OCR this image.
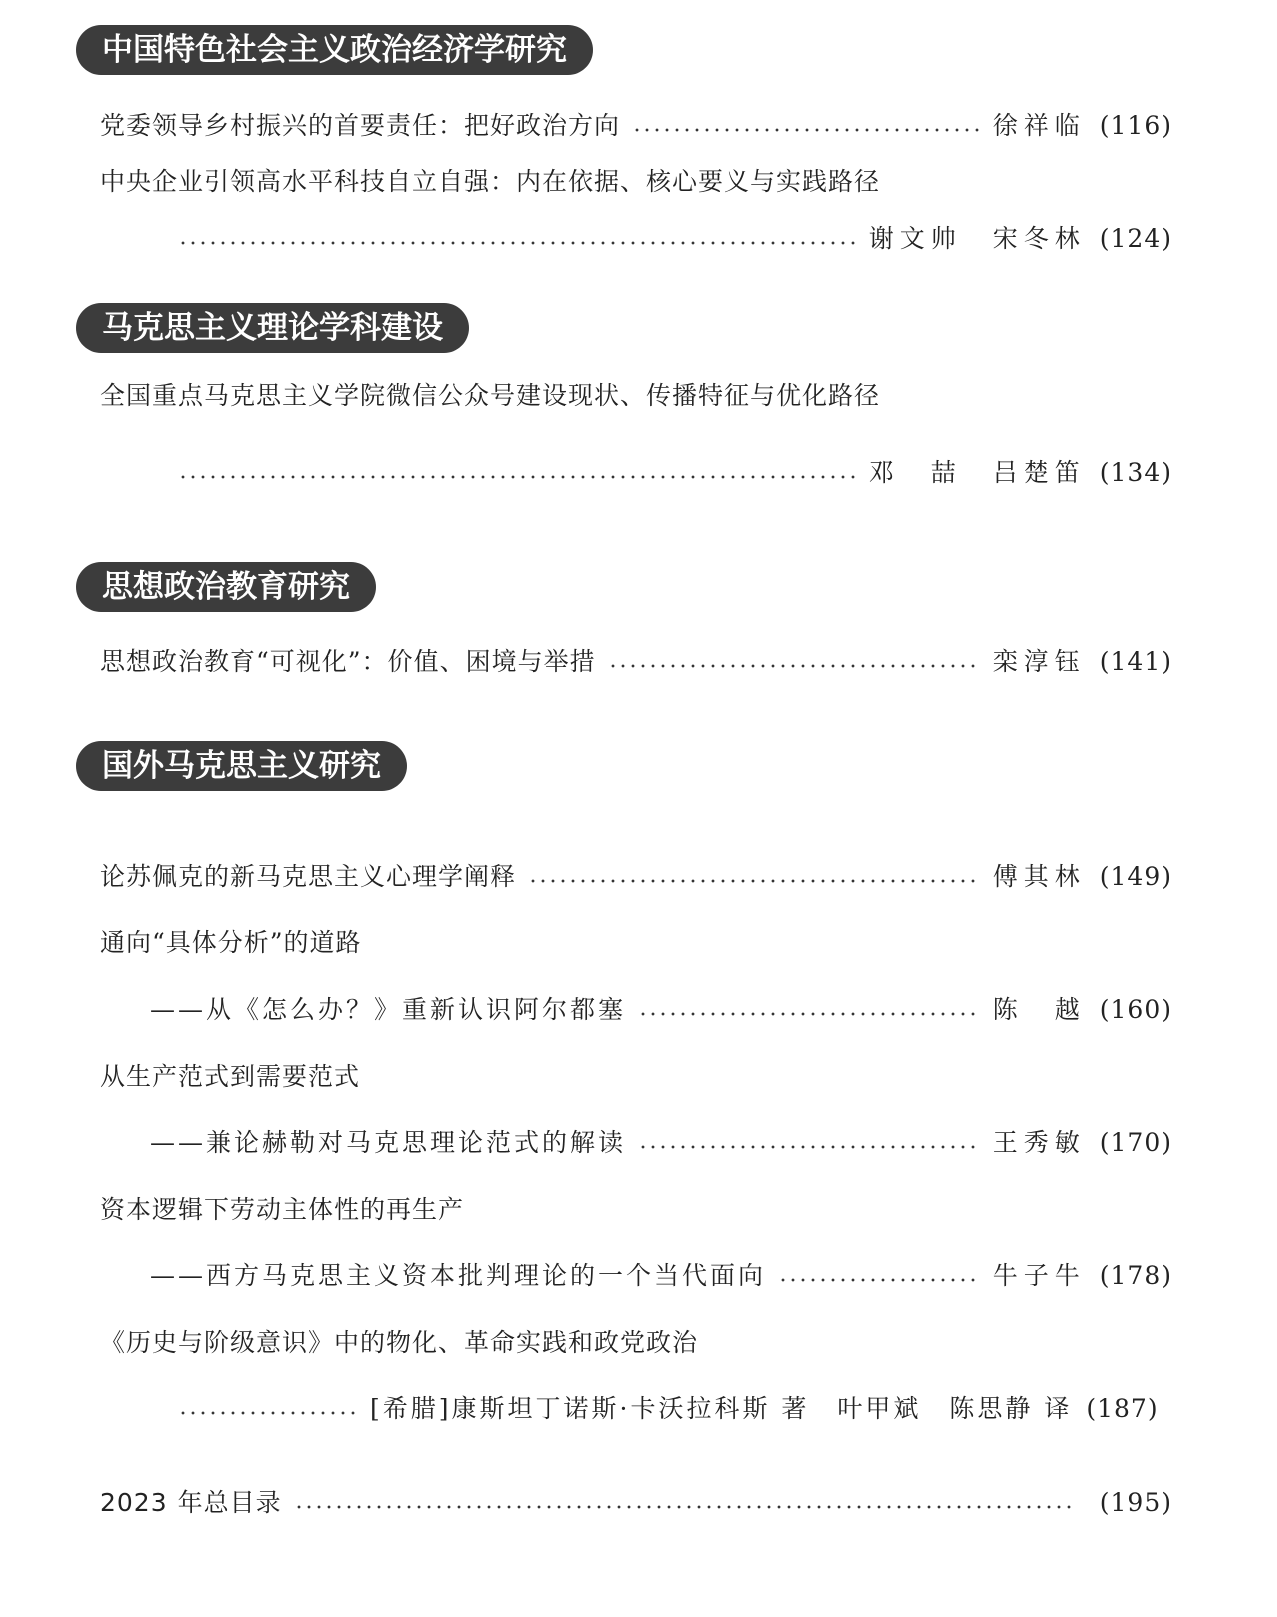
中国特色社会主义政治经济学研究
党委领导乡村振兴的首要责任：把好政治方向	徐祥临 (116)
中央企业引领高水平科技自立自强：内在依据、核心要义与实践路径
谢文帅　宋冬林 (124)
马克思主义理论学科建设
全国重点马克思主义学院微信公众号建设现状、传播特征与优化路径
邓　喆　吕楚笛 (134)
思想政治教育研究
思想政治教育“可视化”：价值、困境与举措	栾淳钰 (141)
国外马克思主义研究
论苏佩克的新马克思主义心理学阐释	傅其林 (149)
通向“具体分析”的道路
——从《怎么办？》重新认识阿尔都塞	陈　越 (160)
从生产范式到需要范式
——兼论赫勒对马克思理论范式的解读	王秀敏 (170)
资本逻辑下劳动主体性的再生产
——西方马克思主义资本批判理论的一个当代面向	牛子牛 (178)
《历史与阶级意识》中的物化、革命实践和政党政治
[希腊]康斯坦丁诺斯·卡沃拉科斯 著　叶甲斌　陈思静 译 (187)
2023 年总目录	(195)
